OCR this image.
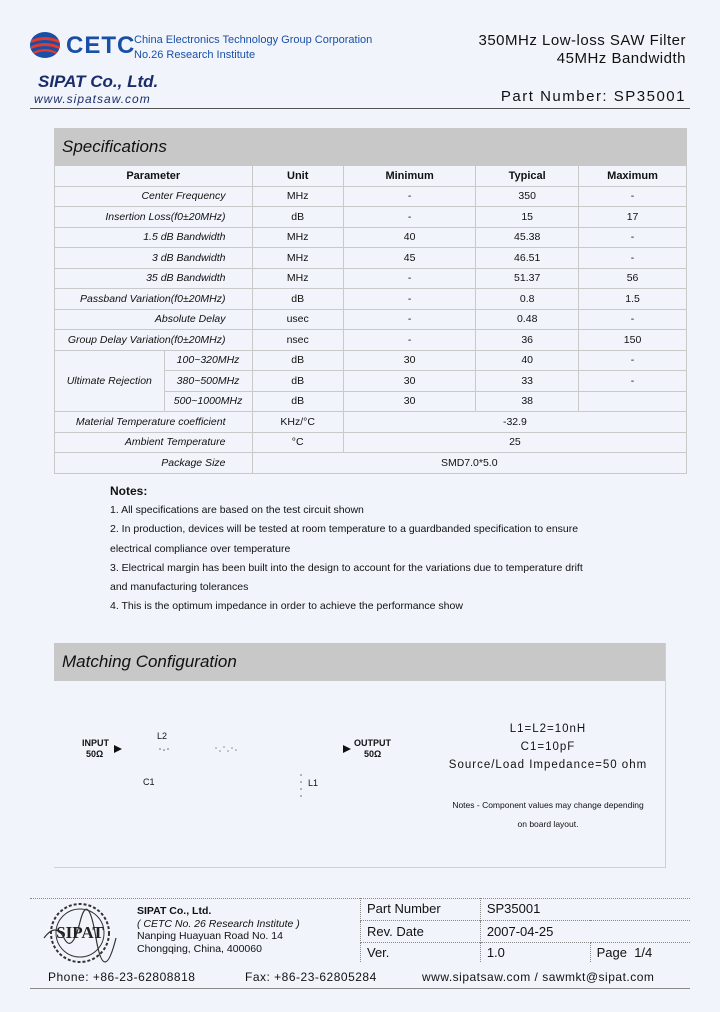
CETC
China Electronics Technology Group Corporation
No.26 Research Institute
SIPAT Co., Ltd.
www.sipatsaw.com
350MHz Low-loss SAW Filter
45MHz Bandwidth
Part Number: SP35001
Specifications
Parameter		Unit	Minimum	Typical	Maximum
Center Frequency		MHz	-	350	-
Insertion Loss(f0±20MHz)		dB	-	15	17
1.5 dB Bandwidth		MHz	40	45.38	-
3 dB Bandwidth		MHz	45	46.51	-
35 dB Bandwidth		MHz	-	51.37	56
Passband Variation(f0±20MHz)		dB	-	0.8	1.5
Absolute Delay		usec	-	0.48	-
Group Delay Variation(f0±20MHz)		nsec	-	36	150
Ultimate Rejection	100~320MHz	dB	30	40	-
	380~500MHz	dB	30	33	-
	500~1000MHz	dB	30	38	
Material Temperature coefficient		KHz/°C	-32.9		
Ambient Temperature		°C	25		
Package Size		SMD7.0*5.0			
Notes:
1. All specifications are based on the test circuit shown
2. In production, devices will be tested at room temperature to a guardbanded specification to ensure
electrical compliance over temperature
3. Electrical margin has been built into the design to account for the variations due to temperature drift
and manufacturing tolerances
4. This is the optimum impedance in order to achieve the performance show
Matching Configuration
INPUT
50Ω
L2
OUTPUT
50Ω
C1	L1
L1=L2=10nH
C1=10pF
Source/Load Impedance=50 ohm
Notes - Component values may change depending
on board layout.
SIPAT
SIPAT Co., Ltd.
( CETC No. 26 Research Institute )
Nanping Huayuan Road No. 14
Chongqing, China, 400060
Part Number	SP35001	
Rev. Date	2007-04-25	
Ver.	1.0	Page 1/4
Phone: +86-23-62808818	Fax: +86-23-62805284	www.sipatsaw.com / sawmkt@sipat.com
